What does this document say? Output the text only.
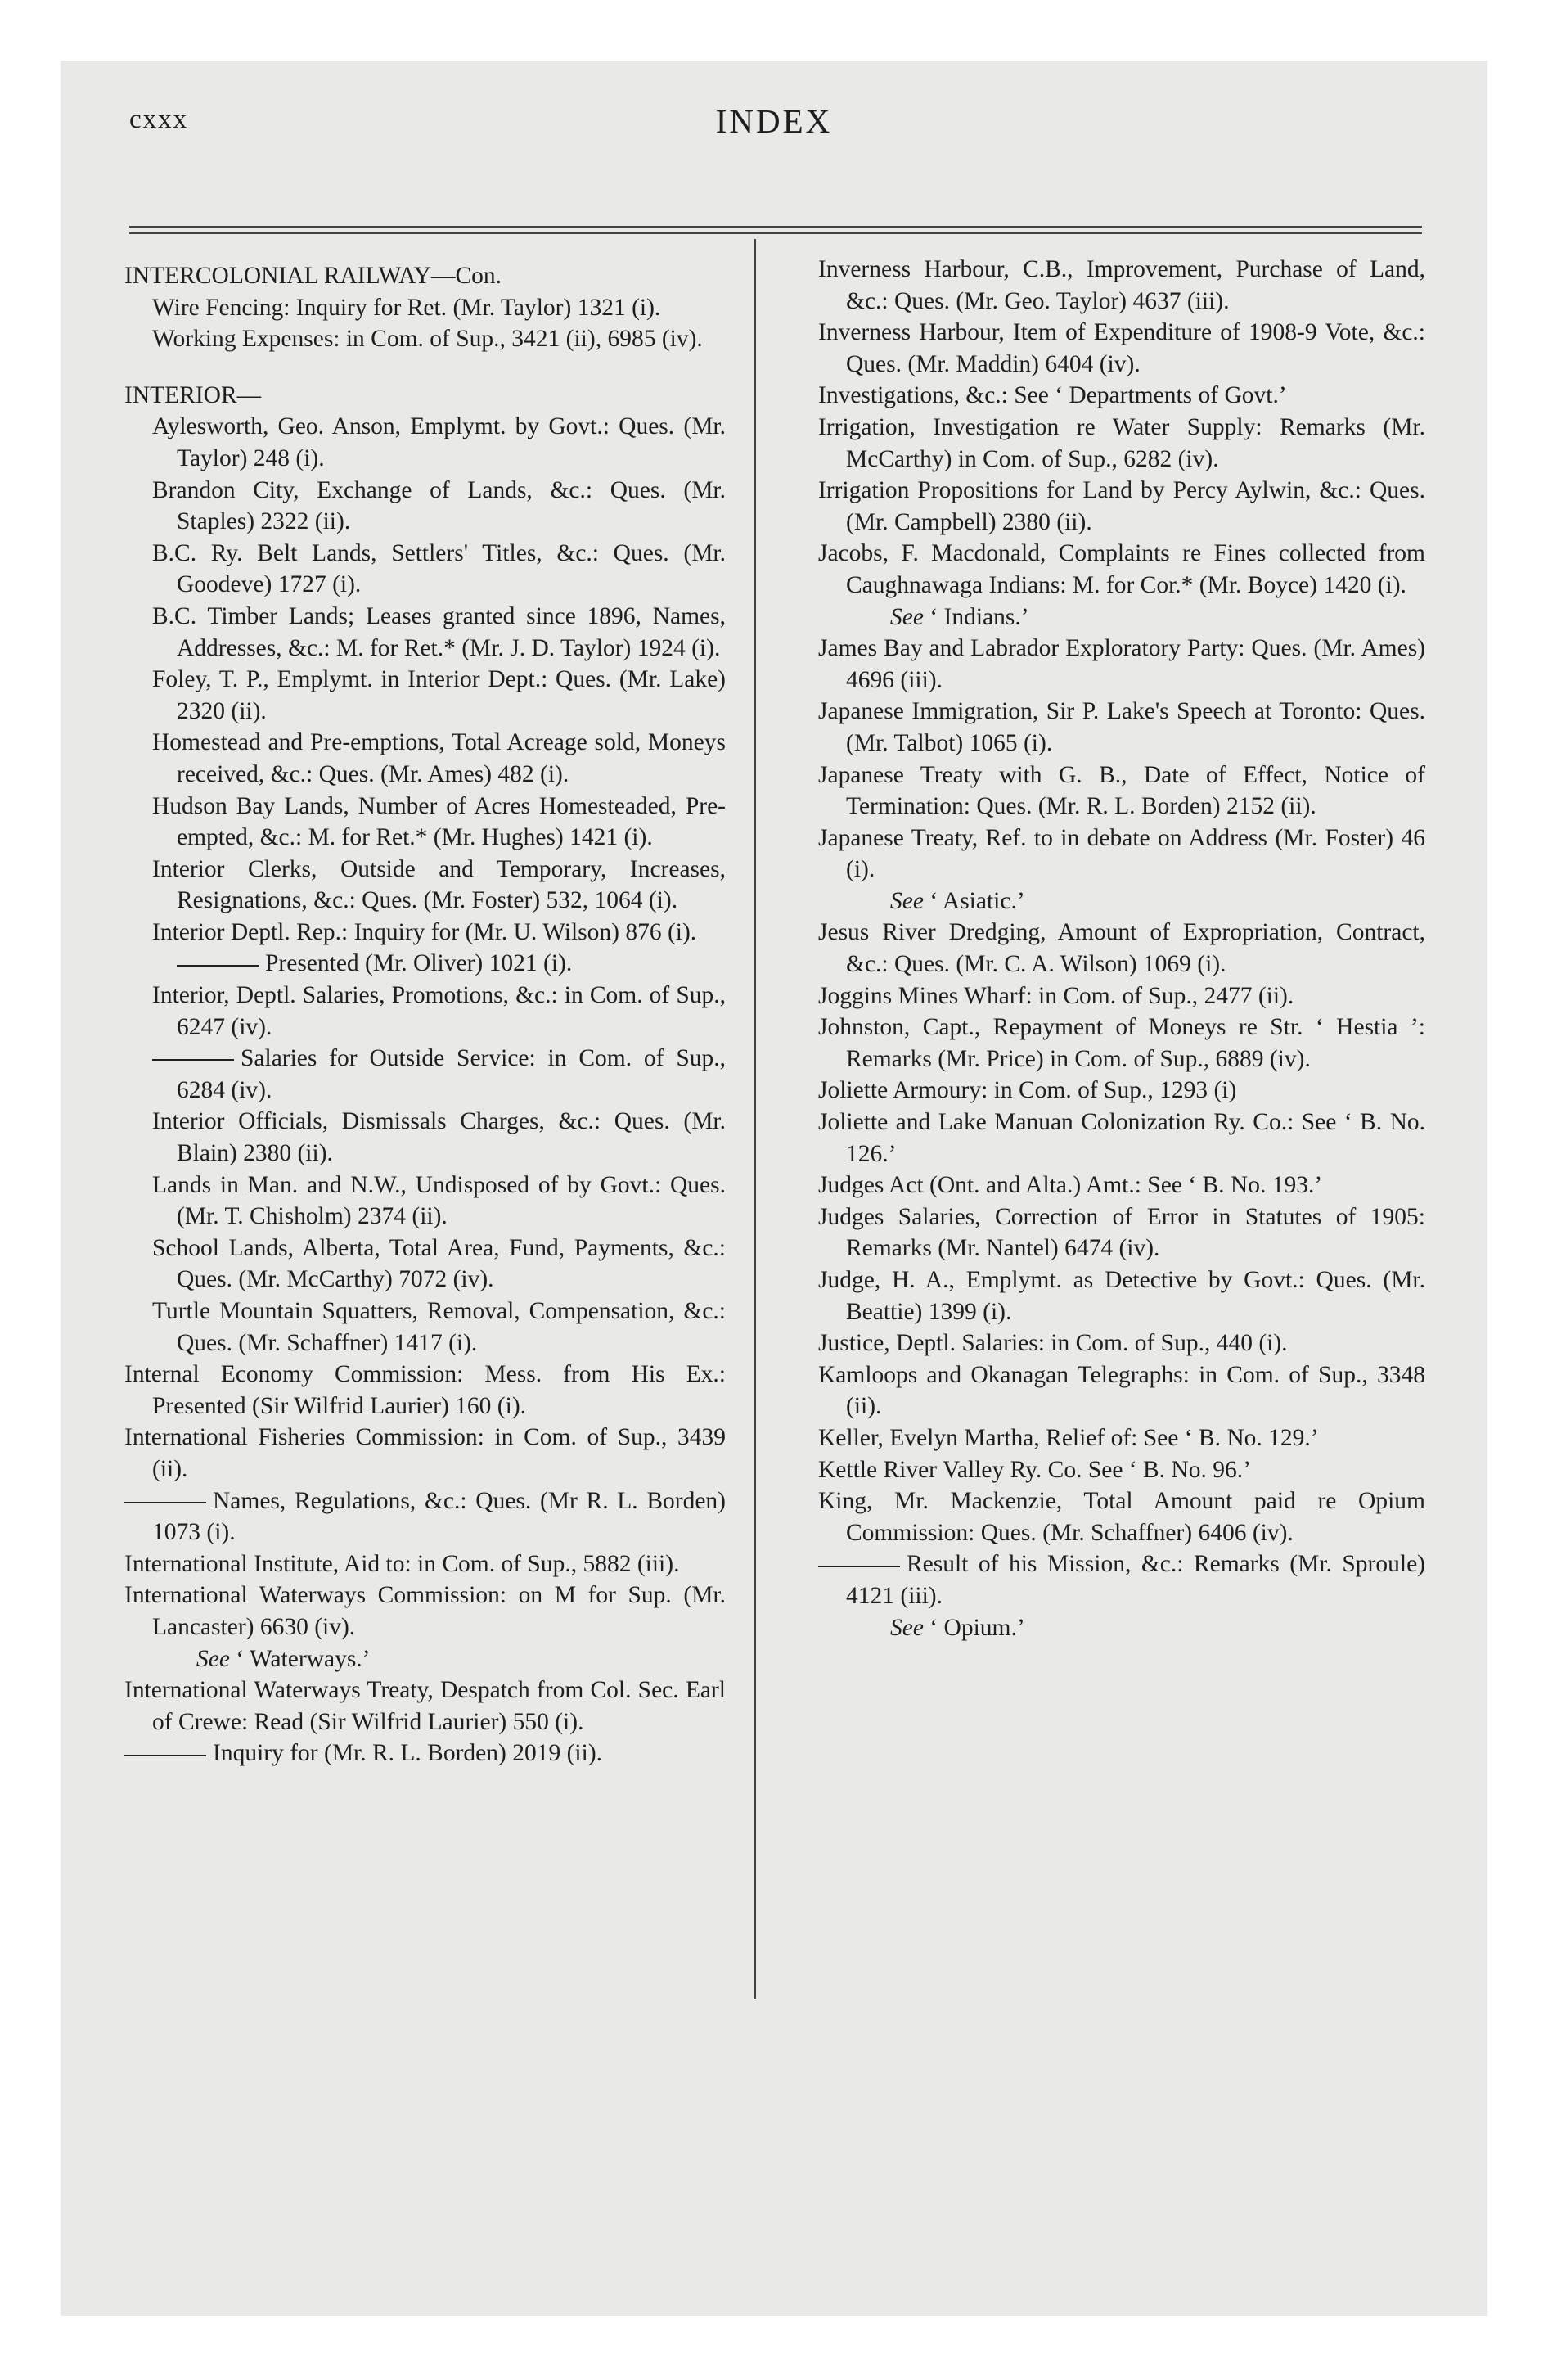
cxxx	INDEX
INTERCOLONIAL RAILWAY—Con.
Wire Fencing: Inquiry for Ret. (Mr. Taylor) 1321 (i).
Working Expenses: in Com. of Sup., 3421 (ii), 6985 (iv).
INTERIOR—
Aylesworth, Geo. Anson, Emplymt. by Govt.: Ques. (Mr. Taylor) 248 (i).
Brandon City, Exchange of Lands, &c.: Ques. (Mr. Staples) 2322 (ii).
B.C. Ry. Belt Lands, Settlers' Titles, &c.: Ques. (Mr. Goodeve) 1727 (i).
B.C. Timber Lands; Leases granted since 1896, Names, Addresses, &c.: M. for Ret.* (Mr. J. D. Taylor) 1924 (i).
Foley, T. P., Emplymt. in Interior Dept.: Ques. (Mr. Lake) 2320 (ii).
Homestead and Pre-emptions, Total Acreage sold, Moneys received, &c.: Ques. (Mr. Ames) 482 (i).
Hudson Bay Lands, Number of Acres Homesteaded, Pre-empted, &c.: M. for Ret.* (Mr. Hughes) 1421 (i).
Interior Clerks, Outside and Temporary, Increases, Resignations, &c.: Ques. (Mr. Foster) 532, 1064 (i).
Interior Deptl. Rep.: Inquiry for (Mr. U. Wilson) 876 (i).
Presented (Mr. Oliver) 1021 (i).
Interior, Deptl. Salaries, Promotions, &c.: in Com. of Sup., 6247 (iv).
Salaries for Outside Service: in Com. of Sup., 6284 (iv).
Interior Officials, Dismissals Charges, &c.: Ques. (Mr. Blain) 2380 (ii).
Lands in Man. and N.W., Undisposed of by Govt.: Ques. (Mr. T. Chisholm) 2374 (ii).
School Lands, Alberta, Total Area, Fund, Payments, &c.: Ques. (Mr. McCarthy) 7072 (iv).
Turtle Mountain Squatters, Removal, Compensation, &c.: Ques. (Mr. Schaffner) 1417 (i).
Internal Economy Commission: Mess. from His Ex.: Presented (Sir Wilfrid Laurier) 160 (i).
International Fisheries Commission: in Com. of Sup., 3439 (ii).
Names, Regulations, &c.: Ques. (Mr R. L. Borden) 1073 (i).
International Institute, Aid to: in Com. of Sup., 5882 (iii).
International Waterways Commission: on M for Sup. (Mr. Lancaster) 6630 (iv).
See ‘ Waterways.’
International Waterways Treaty, Despatch from Col. Sec. Earl of Crewe: Read (Sir Wilfrid Laurier) 550 (i).
Inquiry for (Mr. R. L. Borden) 2019 (ii).
Inverness Harbour, C.B., Improvement, Purchase of Land, &c.: Ques. (Mr. Geo. Taylor) 4637 (iii).
Inverness Harbour, Item of Expenditure of 1908-9 Vote, &c.: Ques. (Mr. Maddin) 6404 (iv).
Investigations, &c.: See ‘ Departments of Govt.’
Irrigation, Investigation re Water Supply: Remarks (Mr. McCarthy) in Com. of Sup., 6282 (iv).
Irrigation Propositions for Land by Percy Aylwin, &c.: Ques. (Mr. Campbell) 2380 (ii).
Jacobs, F. Macdonald, Complaints re Fines collected from Caughnawaga Indians: M. for Cor.* (Mr. Boyce) 1420 (i).
See ‘ Indians.’
James Bay and Labrador Exploratory Party: Ques. (Mr. Ames) 4696 (iii).
Japanese Immigration, Sir P. Lake's Speech at Toronto: Ques. (Mr. Talbot) 1065 (i).
Japanese Treaty with G. B., Date of Effect, Notice of Termination: Ques. (Mr. R. L. Borden) 2152 (ii).
Japanese Treaty, Ref. to in debate on Address (Mr. Foster) 46 (i).
See ‘ Asiatic.’
Jesus River Dredging, Amount of Expropriation, Contract, &c.: Ques. (Mr. C. A. Wilson) 1069 (i).
Joggins Mines Wharf: in Com. of Sup., 2477 (ii).
Johnston, Capt., Repayment of Moneys re Str. ‘ Hestia ’: Remarks (Mr. Price) in Com. of Sup., 6889 (iv).
Joliette Armoury: in Com. of Sup., 1293 (i)
Joliette and Lake Manuan Colonization Ry. Co.: See ‘ B. No. 126.’
Judges Act (Ont. and Alta.) Amt.: See ‘ B. No. 193.’
Judges Salaries, Correction of Error in Statutes of 1905: Remarks (Mr. Nantel) 6474 (iv).
Judge, H. A., Emplymt. as Detective by Govt.: Ques. (Mr. Beattie) 1399 (i).
Justice, Deptl. Salaries: in Com. of Sup., 440 (i).
Kamloops and Okanagan Telegraphs: in Com. of Sup., 3348 (ii).
Keller, Evelyn Martha, Relief of: See ‘ B. No. 129.’
Kettle River Valley Ry. Co. See ‘ B. No. 96.’
King, Mr. Mackenzie, Total Amount paid re Opium Commission: Ques. (Mr. Schaffner) 6406 (iv).
Result of his Mission, &c.: Remarks (Mr. Sproule) 4121 (iii).
See ‘ Opium.’
